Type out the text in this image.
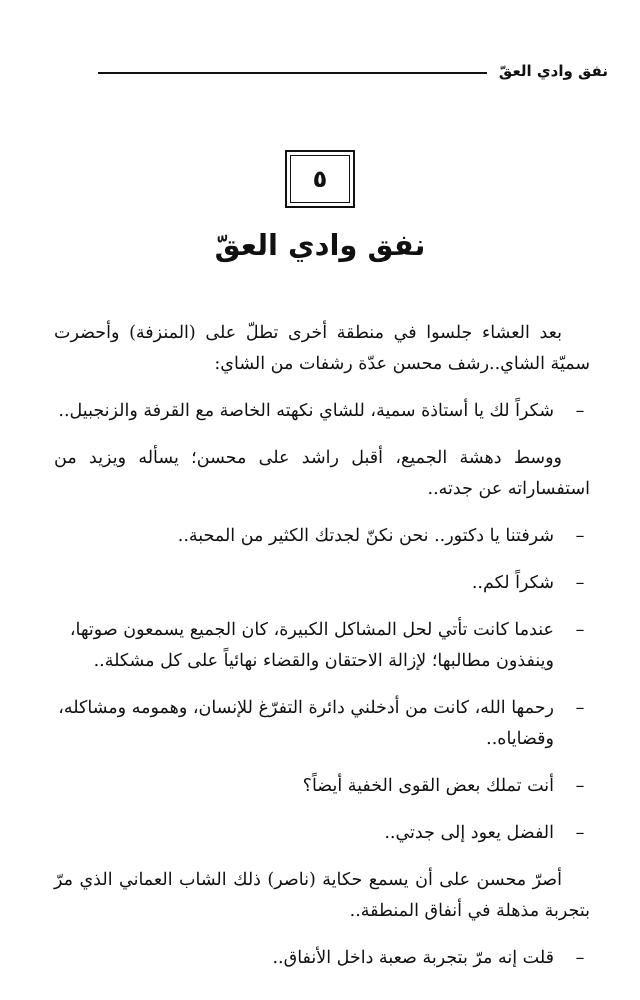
نفق وادي العقّ
٥
نفق وادي العقّ

بعد العشاء جلسوا في منطقة أخرى تطلّ على (المنزفة) وأحضرت سميّة الشاي..رشف محسن عدّة رشفات من الشاي:

–
شكراً لك يا أستاذة سمية، للشاي نكهته الخاصة مع القرفة والزنجبيل..

ووسط دهشة الجميع، أقبل راشد على محسن؛ يسأله ويزيد من استفساراته عن جدته..

–
شرفتنا يا دكتور.. نحن نكنّ لجدتك الكثير من المحبة..
–
شكراً لكم..
–
عندما كانت تأتي لحل المشاكل الكبيرة، كان الجميع يسمعون صوتها، وينفذون مطالبها؛ لإزالة الاحتقان والقضاء نهائياً على كل مشكلة..
–
رحمها الله، كانت من أدخلني دائرة التفرّغ للإنسان، وهمومه ومشاكله، وقضاياه..
–
أنت تملك بعض القوى الخفية أيضاً؟
–
الفضل يعود إلى جدتي..

أصرّ محسن على أن يسمع حكاية (ناصر) ذلك الشاب العماني الذي مرّ بتجربة مذهلة في أنفاق المنطقة..

–
قلت إنه مرّ بتجربة صعبة داخل الأنفاق..
